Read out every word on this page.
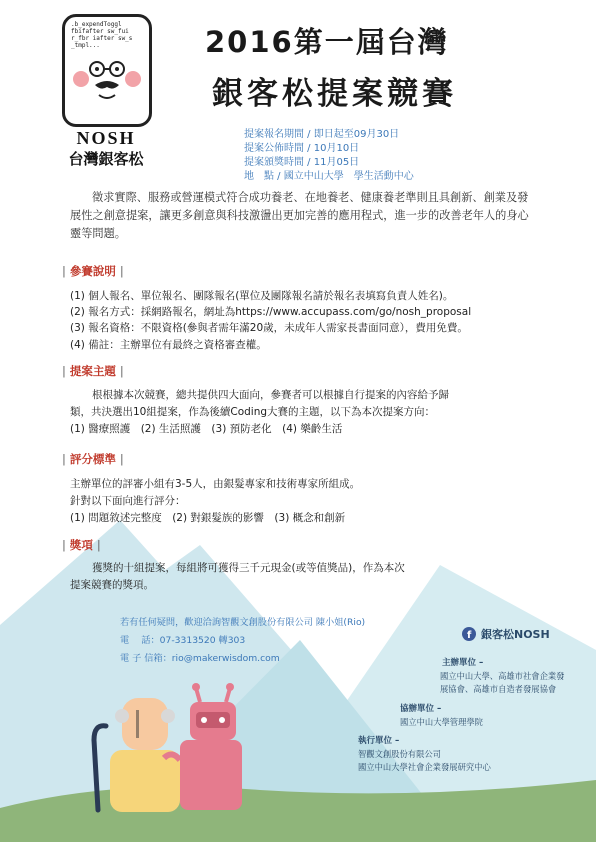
.b_expendToggl
fbifafter sw_fui
r_fbr iafter sw_s
_tmpl...
NOSH
台灣銀客松
2016第一屆台灣
銀客松提案競賽
提案報名期間 / 即日起至09月30日
提案公佈時間 / 10月10日
提案頒獎時間 / 11月05日
地　點 / 國立中山大學　學生活動中心
徵求實際、服務或營運模式符合成功養老、在地養老、健康養老準則且具創新、創業及發展性之創意提案，讓更多創意與科技激盪出更加完善的應用程式，進一步的改善老年人的身心靈等問題。
| 參賽說明 |
(1) 個人報名、單位報名、團隊報名(單位及團隊報名請於報名表填寫負責人姓名)。
(2) 報名方式：採網路報名，網址為https://www.accupass.com/go/nosh_proposal
(3) 報名資格：不限資格(參與者需年滿20歲，未成年人需家長書面同意），費用免費。
(4) 備註：主辦單位有最終之資格審查權。
| 提案主題 |
根根據本次競賽，總共提供四大面向，參賽者可以根據自行提案的內容給予歸
類，共決選出10組提案，作為後續Coding大賽的主題，以下為本次提案方向：
(1) 醫療照護　(2) 生活照護　(3) 預防老化　(4) 樂齡生活
| 評分標準 |
主辦單位的評審小組有3-5人，由銀髮專家和技術專家所組成。
針對以下面向進行評分：
(1) 問題敘述完整度　(2) 對銀髮族的影響　(3) 概念和創新
| 獎項 |
獲獎的十組提案，每組將可獲得三千元現金(或等值獎品)，作為本次
提案競賽的獎項。
若有任何疑問，歡迎洽詢智觀文創股份有限公司 陳小姐(Rio)
電　 話：07-3313520 轉303
電 子 信箱：rio@makerwisdom.com
f 銀客松NOSH
主辦單位 –
國立中山大學、高雄市社會企業發
展協會、高雄市自造者發展協會
協辦單位 –
國立中山大學管理學院
執行單位 –
智觀文創股份有限公司
國立中山大學社會企業發展研究中心
